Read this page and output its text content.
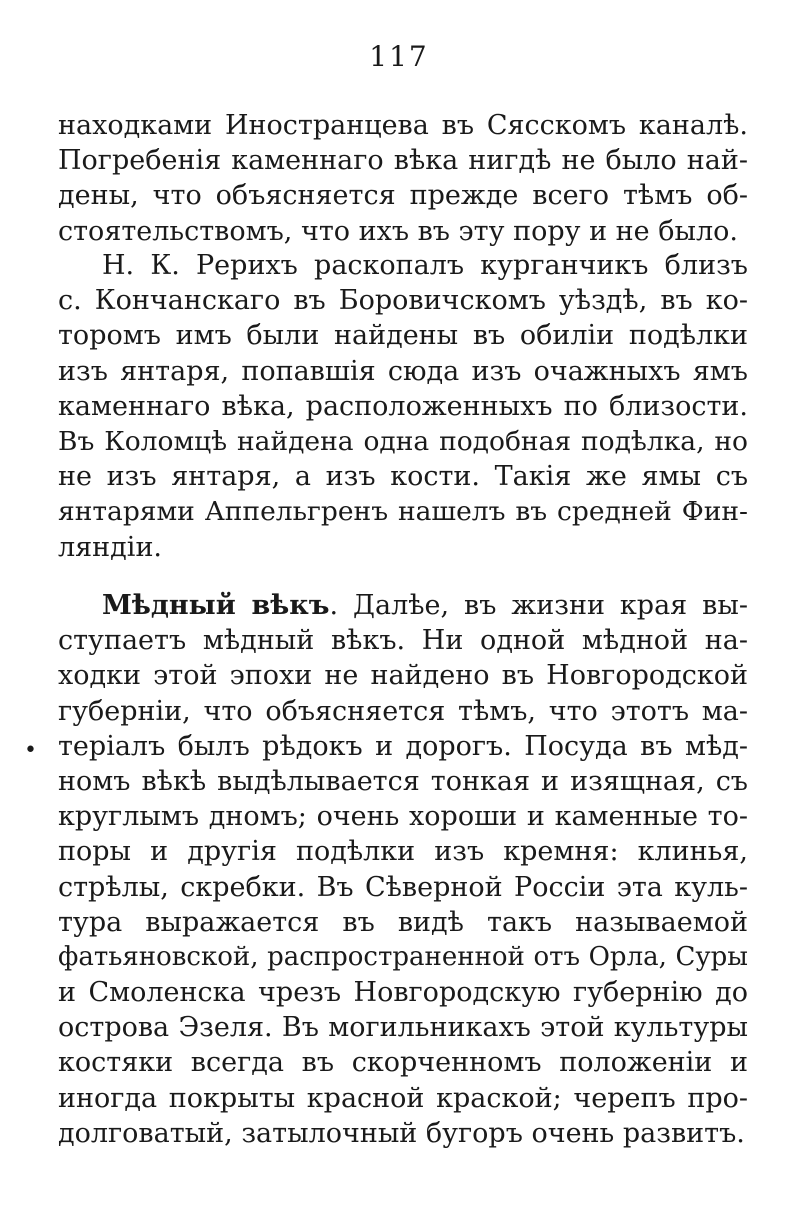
117
находками Иностранцева въ Сясскомъ каналѣ.
Погребенія каменнаго вѣка нигдѣ не было най-
дены, что объясняется прежде всего тѣмъ об-
стоятельствомъ, что ихъ въ эту пору и не было.
Н. К. Рерихъ раскопалъ курганчикъ близъ
с. Кончанскаго въ Боровичскомъ уѣздѣ, въ ко-
торомъ имъ были найдены въ обиліи подѣлки
изъ янтаря, попавшія сюда изъ очажныхъ ямъ
каменнаго вѣка, расположенныхъ по близости.
Въ Коломцѣ найдена одна подобная подѣлка, но
не изъ янтаря, а изъ кости. Такія же ямы съ
янтарями Аппельгренъ нашелъ въ средней Фин-
ляндіи.
Мѣдный вѣкъ. Далѣе, въ жизни края вы-
ступаетъ мѣдный вѣкъ. Ни одной мѣдной на-
ходки этой эпохи не найдено въ Новгородской
губерніи, что объясняется тѣмъ, что этотъ ма-
теріалъ былъ рѣдокъ и дорогъ. Посуда въ мѣд-
номъ вѣкѣ выдѣлывается тонкая и изящная, съ
круглымъ дномъ; очень хороши и каменные то-
поры и другія подѣлки изъ кремня: клинья,
стрѣлы, скребки. Въ Сѣверной Россіи эта куль-
тура выражается въ видѣ такъ называемой
фатьяновской, распространенной отъ Орла, Суры
и Смоленска чрезъ Новгородскую губернію до
острова Эзеля. Въ могильникахъ этой культуры
костяки всегда въ скорченномъ положеніи и
иногда покрыты красной краской; черепъ про-
долговатый, затылочный бугоръ очень развитъ.
•
